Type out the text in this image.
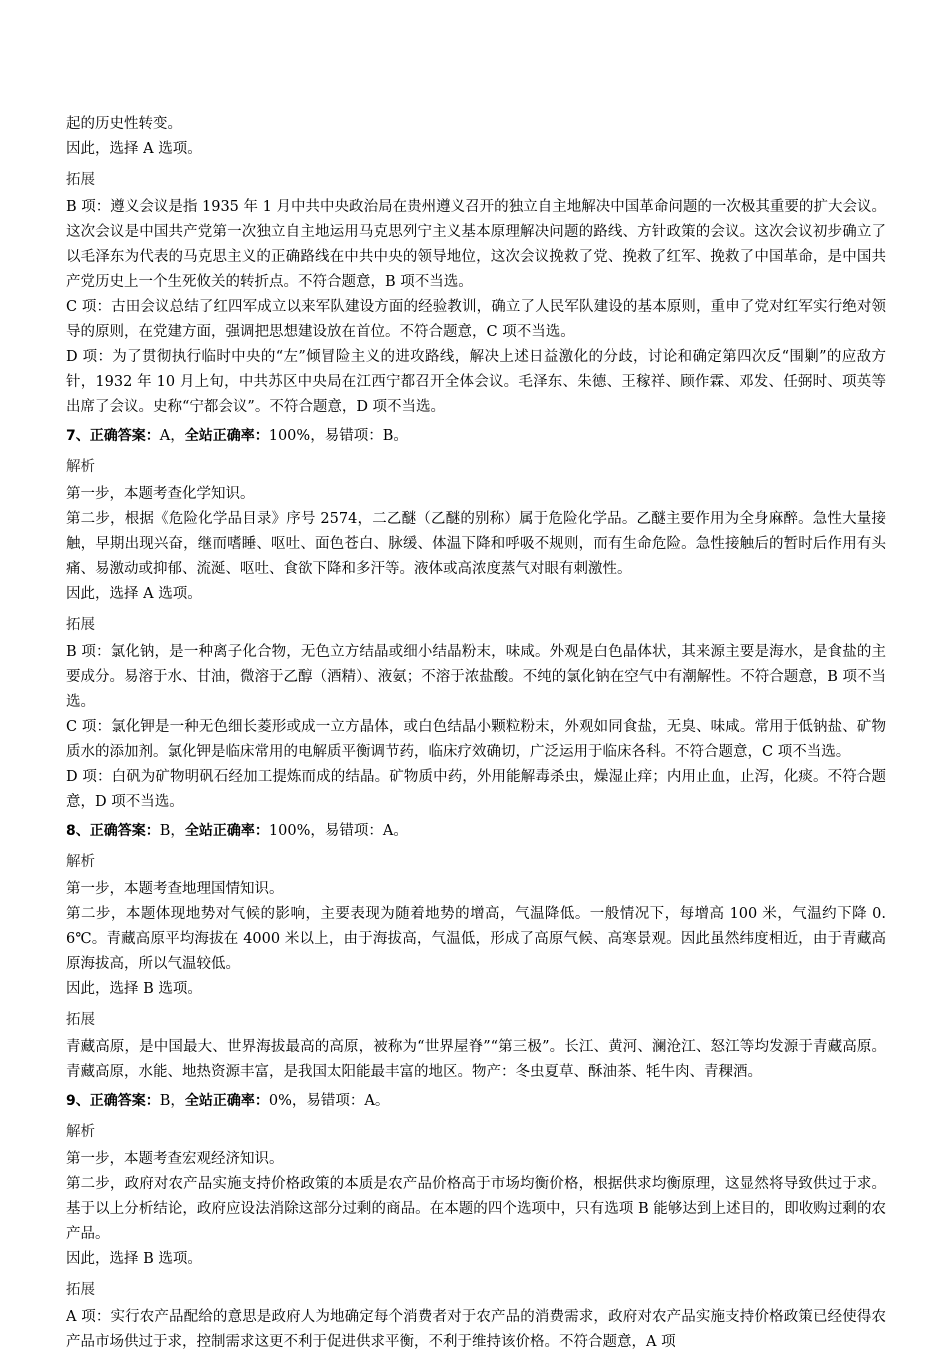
起的历史性转变。

因此，选择 A 选项。

拓展

B 项：遵义会议是指 1935 年 1 月中共中央政治局在贵州遵义召开的独立自主地解决中国革命问题的一次极其重要的扩大会议。这次会议是中国共产党第一次独立自主地运用马克思列宁主义基本原理解决问题的路线、方针政策的会议。这次会议初步确立了以毛泽东为代表的马克思主义的正确路线在中共中央的领导地位，这次会议挽救了党、挽救了红军、挽救了中国革命，是中国共产党历史上一个生死攸关的转折点。不符合题意，B 项不当选。

C 项：古田会议总结了红四军成立以来军队建设方面的经验教训，确立了人民军队建设的基本原则，重申了党对红军实行绝对领导的原则，在党建方面，强调把思想建设放在首位。不符合题意，C 项不当选。

D 项：为了贯彻执行临时中央的“左”倾冒险主义的进攻路线，解决上述日益激化的分歧，讨论和确定第四次反“围剿”的应敌方针，1932 年 10 月上旬，中共苏区中央局在江西宁都召开全体会议。毛泽东、朱德、王稼祥、顾作霖、邓发、任弼时、项英等出席了会议。史称“宁都会议”。不符合题意，D 项不当选。

7、正确答案：A，全站正确率：100%，易错项：B。

解析

第一步，本题考查化学知识。

第二步，根据《危险化学品目录》序号 2574，二乙醚（乙醚的别称）属于危险化学品。乙醚主要作用为全身麻醉。急性大量接触，早期出现兴奋，继而嗜睡、呕吐、面色苍白、脉缓、体温下降和呼吸不规则，而有生命危险。急性接触后的暂时后作用有头痛、易激动或抑郁、流涎、呕吐、食欲下降和多汗等。液体或高浓度蒸气对眼有刺激性。

因此，选择 A 选项。

拓展

B 项：氯化钠，是一种离子化合物，无色立方结晶或细小结晶粉末，味咸。外观是白色晶体状，其来源主要是海水，是食盐的主要成分。易溶于水、甘油，微溶于乙醇（酒精）、液氨；不溶于浓盐酸。不纯的氯化钠在空气中有潮解性。不符合题意，B 项不当选。

C 项：氯化钾是一种无色细长菱形或成一立方晶体，或白色结晶小颗粒粉末，外观如同食盐，无臭、味咸。常用于低钠盐、矿物质水的添加剂。氯化钾是临床常用的电解质平衡调节药，临床疗效确切，广泛运用于临床各科。不符合题意，C 项不当选。

D 项：白矾为矿物明矾石经加工提炼而成的结晶。矿物质中药，外用能解毒杀虫，燥湿止痒；内用止血，止泻，化痰。不符合题意，D 项不当选。

8、正确答案：B，全站正确率：100%，易错项：A。

解析

第一步，本题考查地理国情知识。

第二步，本题体现地势对气候的影响，主要表现为随着地势的增高，气温降低。一般情况下，每增高 100 米，气温约下降 0.6℃。青藏高原平均海拔在 4000 米以上，由于海拔高，气温低，形成了高原气候、高寒景观。因此虽然纬度相近，由于青藏高原海拔高，所以气温较低。

因此，选择 B 选项。

拓展

青藏高原，是中国最大、世界海拔最高的高原，被称为“世界屋脊”“第三极”。长江、黄河、澜沧江、怒江等均发源于青藏高原。青藏高原，水能、地热资源丰富，是我国太阳能最丰富的地区。物产：冬虫夏草、酥油茶、牦牛肉、青稞酒。

9、正确答案：B，全站正确率：0%，易错项：A。

解析

第一步，本题考查宏观经济知识。

第二步，政府对农产品实施支持价格政策的本质是农产品价格高于市场均衡价格，根据供求均衡原理，这显然将导致供过于求。基于以上分析结论，政府应设法消除这部分过剩的商品。在本题的四个选项中，只有选项 B 能够达到上述目的，即收购过剩的农产品。

因此，选择 B 选项。

拓展

A 项：实行农产品配给的意思是政府人为地确定每个消费者对于农产品的消费需求，政府对农产品实施支持价格政策已经使得农产品市场供过于求，控制需求这更不利于促进供求平衡，不利于维持该价格。不符合题意，A 项
